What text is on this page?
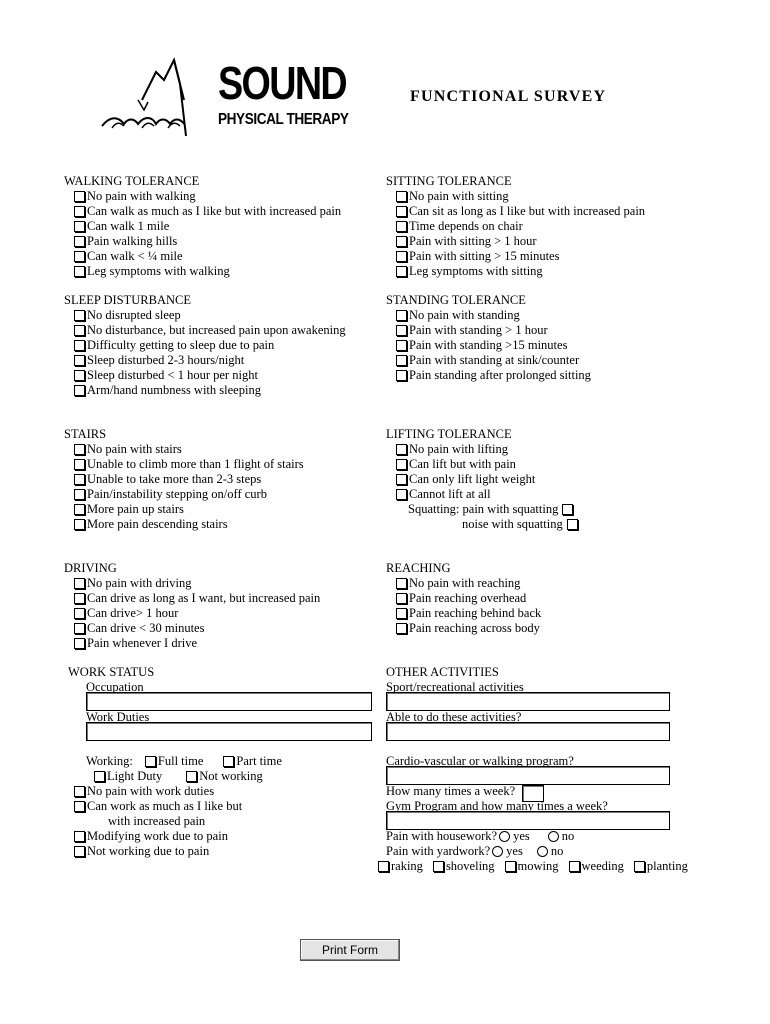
SOUND
PHYSICAL THERAPY
FUNCTIONAL SURVEY
WALKING TOLERANCE
No pain with walking
Can walk as much as I like but with increased pain
Can walk 1 mile
Pain walking hills
Can walk < ¼ mile
Leg symptoms with walking
SITTING TOLERANCE
No pain with sitting
Can sit as long as I like but with increased pain
Time depends on chair
Pain with sitting > 1 hour
Pain with sitting > 15 minutes
Leg symptoms with sitting
SLEEP DISTURBANCE
No disrupted sleep
No disturbance, but increased pain upon awakening
Difficulty getting to sleep due to pain
Sleep disturbed 2-3 hours/night
Sleep disturbed < 1 hour per night
Arm/hand numbness with sleeping
STANDING TOLERANCE
No pain with standing
Pain with standing > 1 hour
Pain with standing >15 minutes
Pain with standing at sink/counter
Pain standing after prolonged sitting
STAIRS
No pain with stairs
Unable to climb more than 1 flight of stairs
Unable to take more than 2-3 steps
Pain/instability stepping on/off curb
More pain up stairs
More pain descending stairs
LIFTING TOLERANCE
No pain with lifting
Can lift but with pain
Can only lift light weight
Cannot lift at all
Squatting: pain with squatting
noise with squatting
DRIVING
No pain with driving
Can drive as long as I want, but increased pain
Can drive> 1 hour
Can drive < 30 minutes
Pain whenever I drive
REACHING
No pain with reaching
Pain reaching overhead
Pain reaching behind back
Pain reaching across body
WORK STATUS
Occupation
Work Duties
Working: Full time	Part time
Light Duty	Not working
No pain with work duties
Can work as much as I like but
with increased pain
Modifying work due to pain
Not working due to pain
OTHER ACTIVITIES
Sport/recreational activities
Able to do these activities?
Cardio-vascular or walking program?
How many times a week?
Gym Program and how many times a week?
Pain with housework? yes	no
Pain with yardwork? yes no
raking shoveling mowing weeding planting
Print Form
